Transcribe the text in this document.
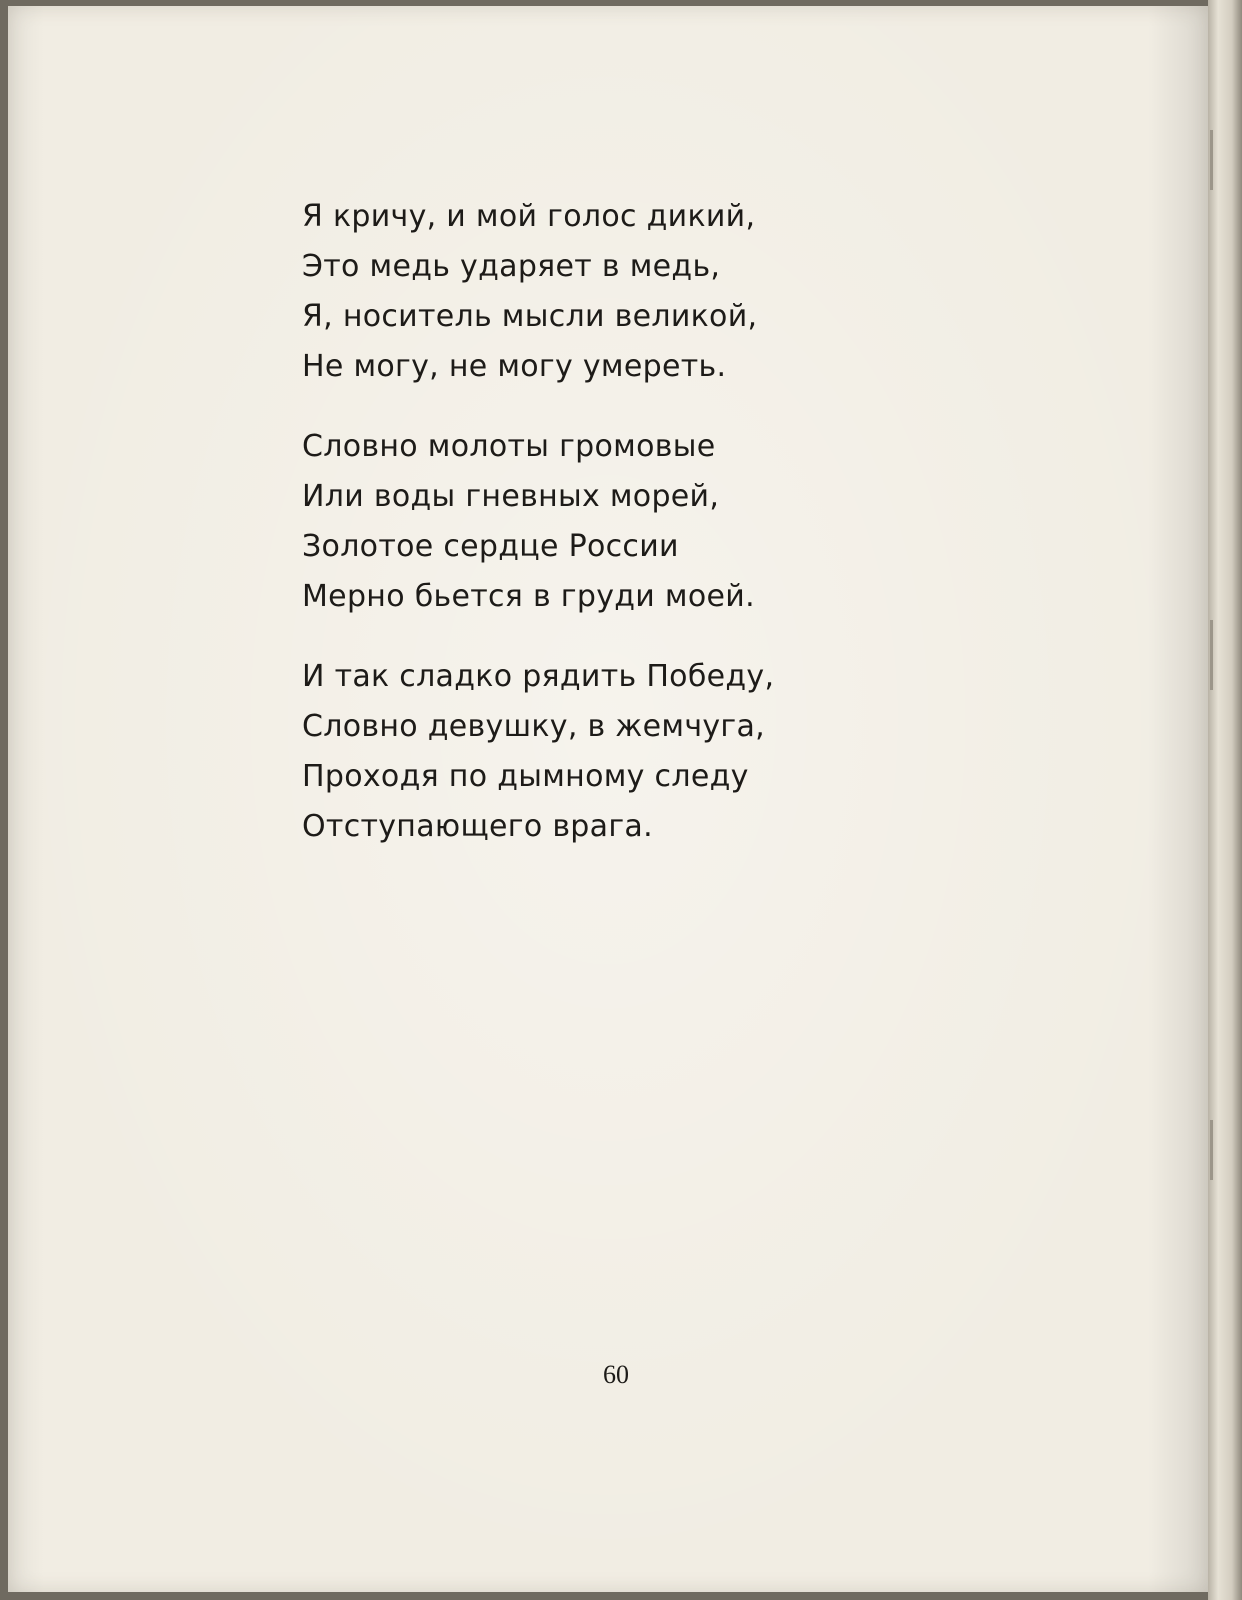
Я кричу, и мой голос дикий,
Это медь ударяет в медь,
Я, носитель мысли великой,
Не могу, не могу умереть.
Словно молоты громовые
Или воды гневных морей,
Золотое сердце России
Мерно бьется в груди моей.
И так сладко рядить Победу,
Словно девушку, в жемчуга,
Проходя по дымному следу
Отступающего врага.
60
